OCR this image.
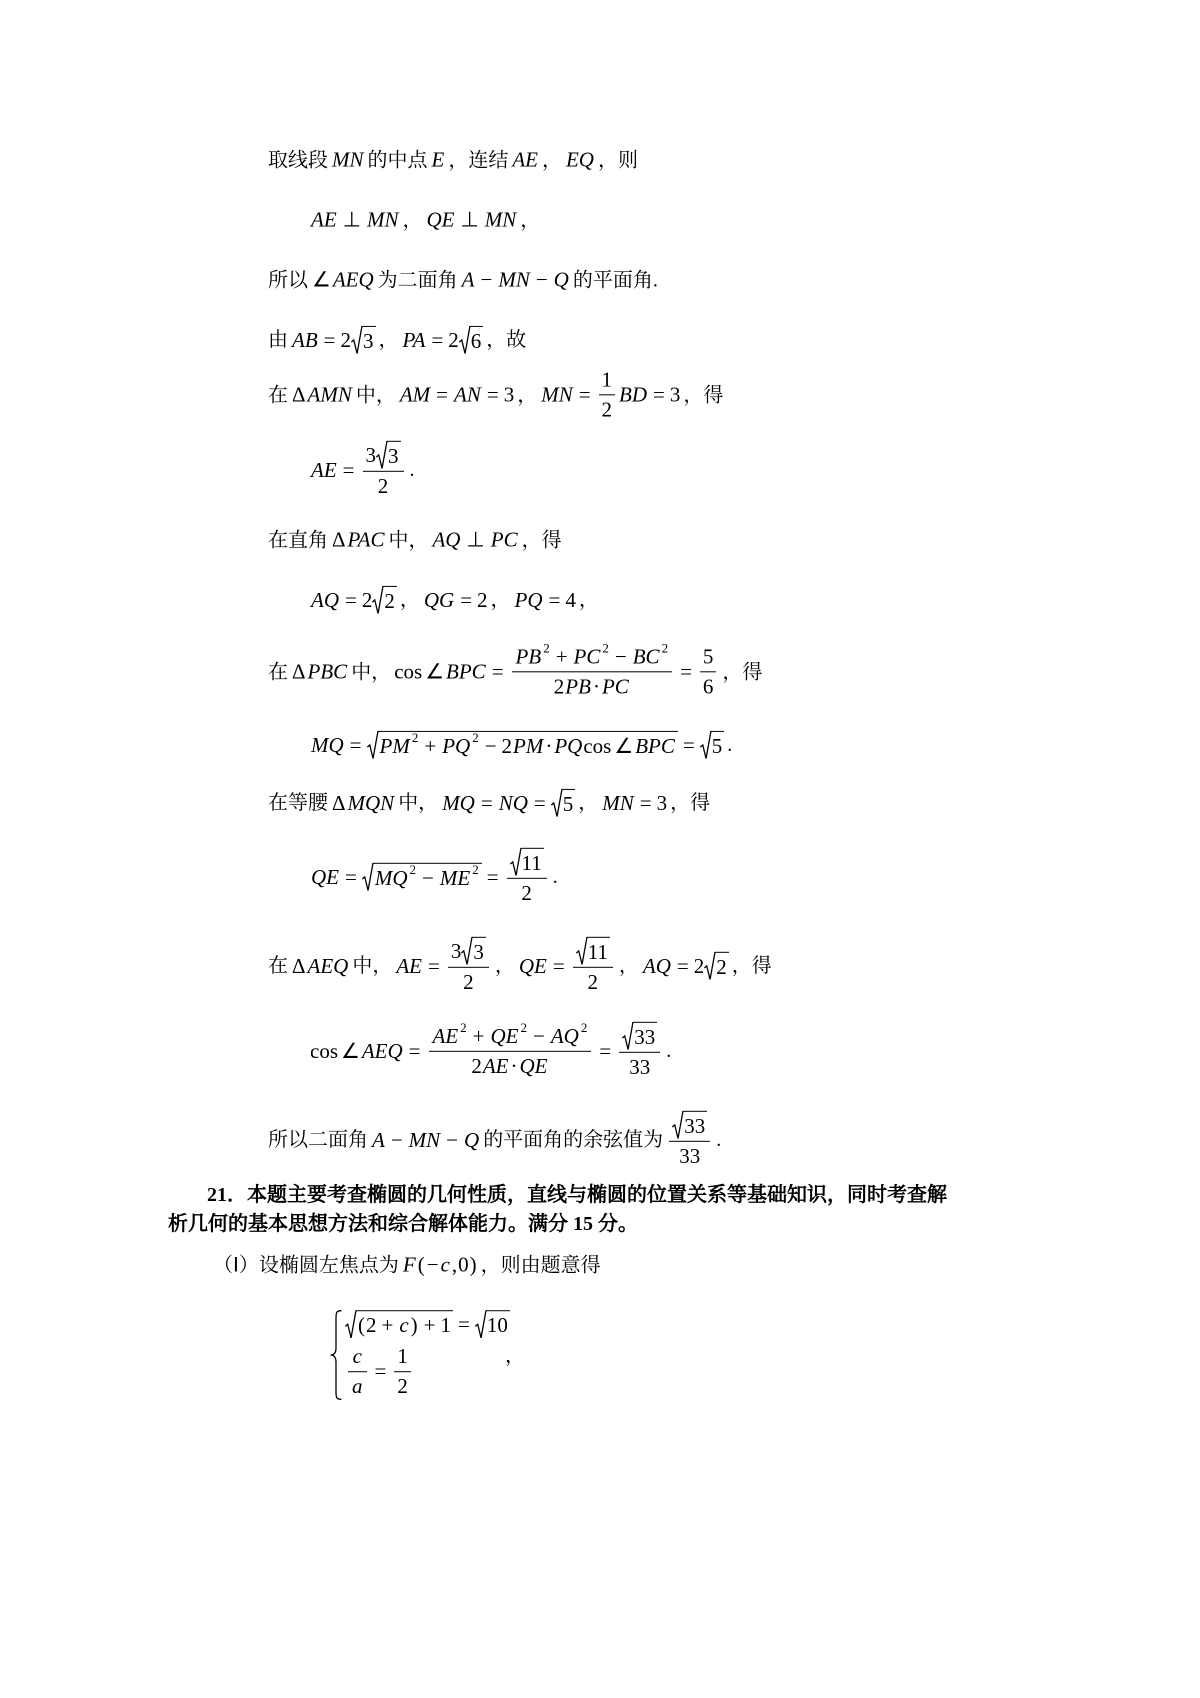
取线段 MN 的中点 E ，连结 AE ， EQ ，则
AE ⊥ MN ， QE ⊥ MN ，
所以 ∠ AEQ 为二面角 A − MN − Q 的平面角.
由 AB = 2 3 ， PA = 2 6 ，故
在 Δ AMN 中， AM = AN = 3 ， MN = $\frac{1}{2}$ BD = 3 ，得
AE = $\frac{3 3}{2}$ .
在直角 Δ PAC 中， AQ ⊥ PC ，得
AQ = 2 2 ， QG = 2 ， PQ = 4 ，
在 Δ PBC 中， cos ∠ BPC = $\frac{PB 2 + PC 2 - BC 2}{2 PB \cdot PC} = \frac{5}{6}$ ，得
MQ = PM 2 + PQ 2 − 2 PM · PQ cos ∠ BPC = 5 .
在等腰 Δ MQN 中， MQ = NQ = 5 ， MN = 3 ，得
QE = MQ 2 − ME $2 = \frac{11}{2}$ .
在 Δ AEQ 中， AE = $\frac{3 3}{2}$ ， QE = $\frac{11}{2}$ ， AQ = 2 2 ，得
cos ∠ AEQ = $\frac{AE 2 + QE 2 - AQ 2}{2 AE \cdot QE} = \frac{33}{33}$ .
所以二面角 A − MN − Q 的平面角的余弦值为 $\frac{33}{33}$ .
21．本题主要考查椭圆的几何性质，直线与椭圆的位置关系等基础知识，同时考查解
析几何的基本思想方法和综合解体能力。满分 15 分。
（Ⅰ）设椭圆左焦点为 F ( − c , 0 ) ，则由题意得
( 2 + c ) + 1 = 10
$\frac{c}{a} = \frac{1}{2}$	，
